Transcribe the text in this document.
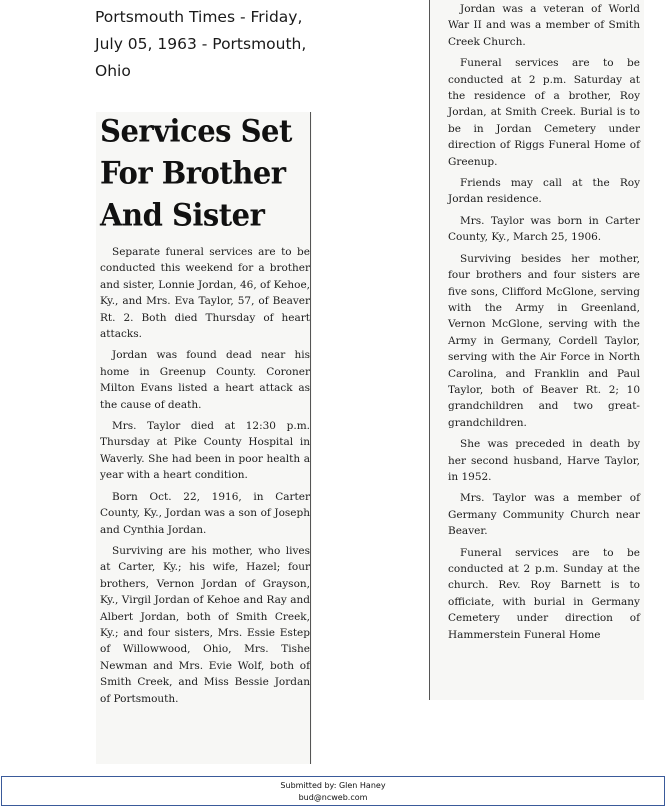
Portsmouth Times - Friday,
July 05, 1963 - Portsmouth,
Ohio
Services Set
For Brother
And Sister

Separate funeral services are to be conducted this weekend for a brother and sister, Lonnie Jordan, 46, of Kehoe, Ky., and Mrs. Eva Taylor, 57, of Beaver Rt. 2. Both died Thursday of heart attacks.

Jordan was found dead near his home in Greenup County. Coroner Milton Evans listed a heart attack as the cause of death.

Mrs. Taylor died at 12:30 p.m. Thursday at Pike County Hospital in Waverly. She had been in poor health a year with a heart condition.

Born Oct. 22, 1916, in Carter County, Ky., Jordan was a son of Joseph and Cynthia Jordan.

Surviving are his mother, who lives at Carter, Ky.; his wife, Hazel; four brothers, Vernon Jordan of Grayson, Ky., Virgil Jordan of Kehoe and Ray and Albert Jordan, both of Smith Creek, Ky.; and four sisters, Mrs. Essie Estep of Willowwood, Ohio, Mrs. Tishe Newman and Mrs. Evie Wolf, both of Smith Creek, and Miss Bessie Jordan of Portsmouth.

Jordan was a veteran of World War II and was a member of Smith Creek Church.

Funeral services are to be conducted at 2 p.m. Saturday at the residence of a brother, Roy Jordan, at Smith Creek. Burial is to be in Jordan Cemetery under direction of Riggs Funeral Home of Greenup.

Friends may call at the Roy Jordan residence.

Mrs. Taylor was born in Carter County, Ky., March 25, 1906.

Surviving besides her mother, four brothers and four sisters are five sons, Clifford McGlone, serving with the Army in Greenland, Vernon McGlone, serving with the Army in Germany, Cordell Taylor, serving with the Air Force in North Carolina, and Franklin and Paul Taylor, both of Beaver Rt. 2; 10 grandchildren and two great-grandchildren.

She was preceded in death by her second husband, Harve Taylor, in 1952.

Mrs. Taylor was a member of Germany Community Church near Beaver.

Funeral services are to be conducted at 2 p.m. Sunday at the church. Rev. Roy Barnett is to officiate, with burial in Germany Cemetery under direction of Hammerstein Funeral Home

Submitted by: Glen Haney
bud@ncweb.com
